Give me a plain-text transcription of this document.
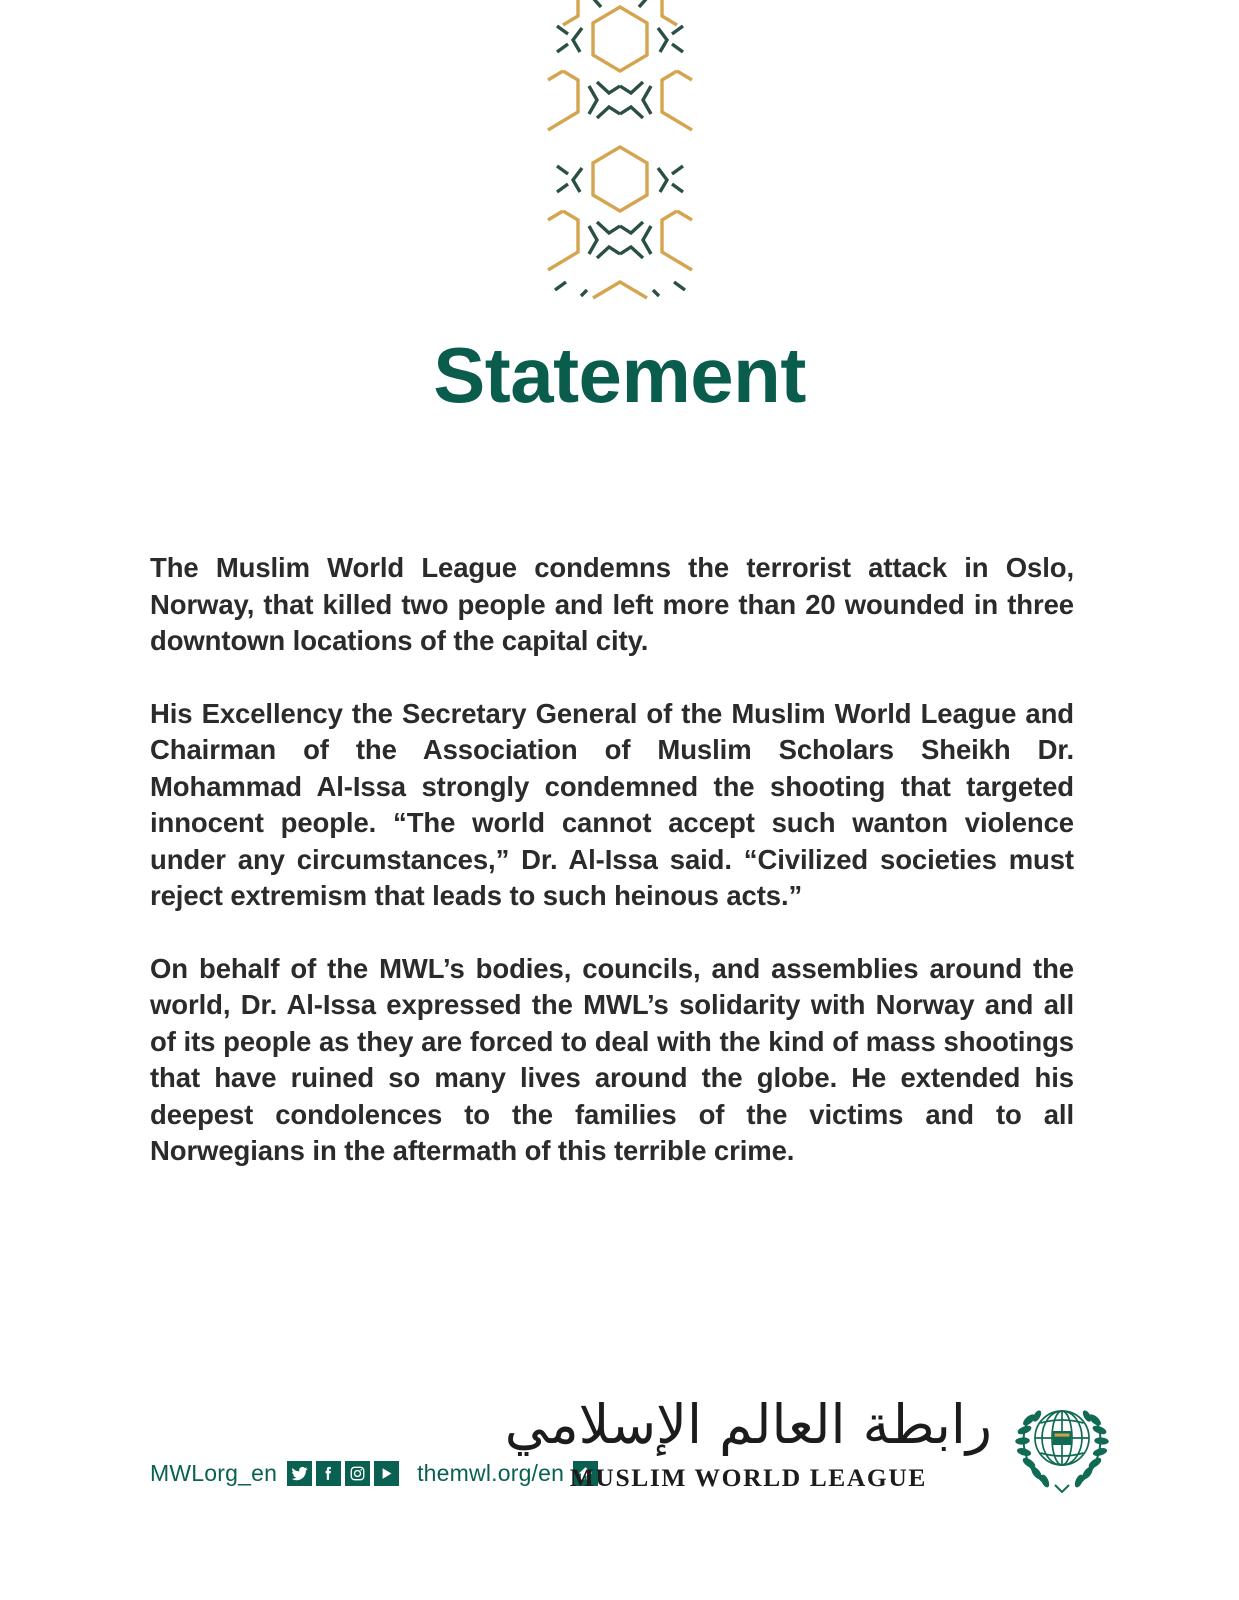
Statement

The Muslim World League condemns the terrorist attack in Oslo, Norway, that killed two people and left more than 20 wounded in three downtown locations of the capital city.

His Excellency the Secretary General of the Muslim World League and Chairman of the Association of Muslim Scholars Sheikh Dr. Mohammad Al-Issa strongly condemned the shooting that targeted innocent people. “The world cannot accept such wanton violence under any circumstances,” Dr. Al-Issa said. “Civilized societies must reject extremism that leads to such heinous acts.”

On behalf of the MWL’s bodies, councils, and assemblies around the world, Dr. Al-Issa expressed the MWL’s solidarity with Norway and all of its people as they are forced to deal with the kind of mass shootings that have ruined so many lives around the globe. He extended his deepest condolences to the families of the victims and to all Norwegians in the aftermath of this terrible crime.

MWLorg_en	themwl.org/en
رابطة العالم الإسلامي
MUSLIM WORLD LEAGUE
